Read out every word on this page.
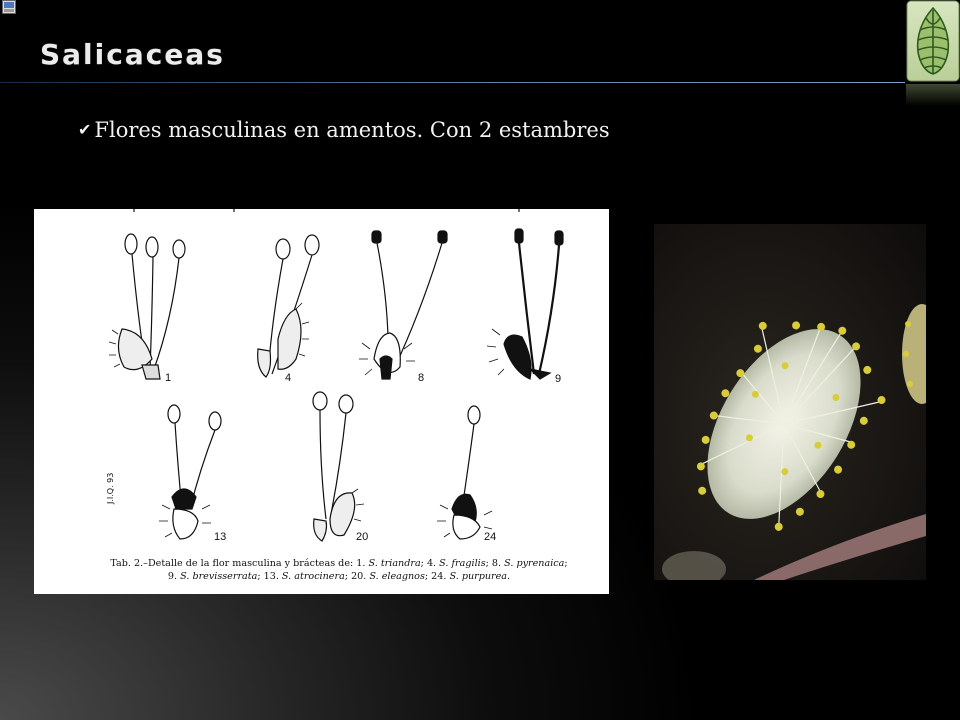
Salicaceas
✔ Flores masculinas en amentos. Con 2 estambres
1	4	8	9
13	20	24
J.I.Q. 93
Tab. 2.–Detalle de la flor masculina y brácteas de: 1. S. triandra; 4. S. fragilis; 8. S. pyrenaica;
9. S. brevisserrata; 13. S. atrocinera; 20. S. eleagnos; 24. S. purpurea.
